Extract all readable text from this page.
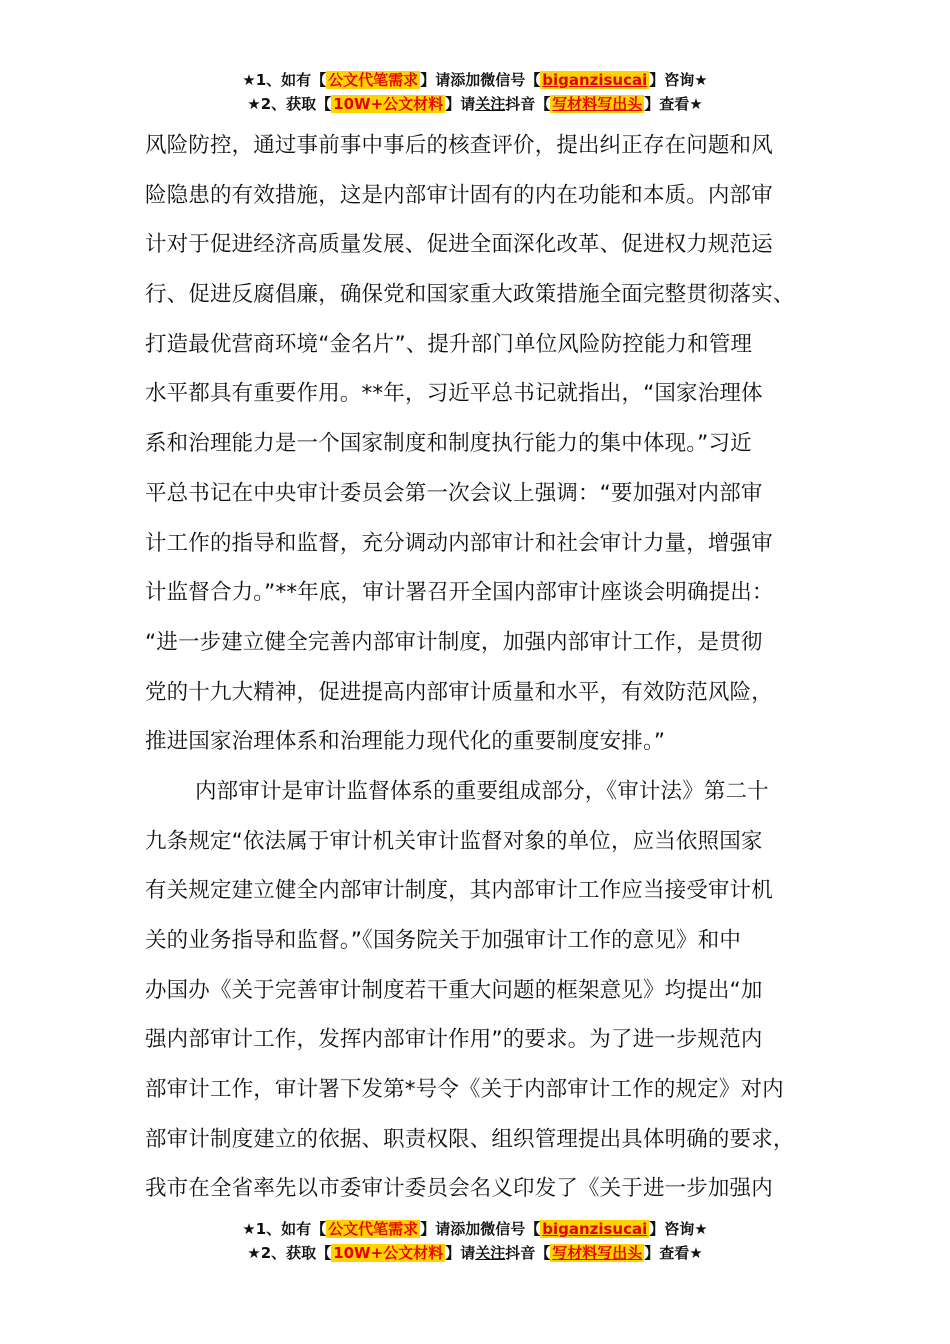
★1、如有【 公文代笔需求 】请添加微信号【 biganzisucai 】咨询★
★2、获取【 10W+公文材料 】请关注抖音【 写材料写出头 】查看★
风险防控，通过事前事中事后的核查评价，提出纠正存在问题和风
险隐患的有效措施，这是内部审计固有的内在功能和本质。内部审
计对于促进经济高质量发展、促进全面深化改革、促进权力规范运
行、促进反腐倡廉，确保党和国家重大政策措施全面完整贯彻落实、
打造最优营商环境“金名片”、提升部门单位风险防控能力和管理
水平都具有重要作用。**年，习近平总书记就指出，“国家治理体
系和治理能力是一个国家制度和制度执行能力的集中体现。”习近
平总书记在中央审计委员会第一次会议上强调：“要加强对内部审
计工作的指导和监督，充分调动内部审计和社会审计力量，增强审
计监督合力。”**年底，审计署召开全国内部审计座谈会明确提出：
“进一步建立健全完善内部审计制度，加强内部审计工作，是贯彻
党的十九大精神，促进提高内部审计质量和水平，有效防范风险，
推进国家治理体系和治理能力现代化的重要制度安排。”
内部审计是审计监督体系的重要组成部分，《审计法》第二十
九条规定“依法属于审计机关审计监督对象的单位，应当依照国家
有关规定建立健全内部审计制度，其内部审计工作应当接受审计机
关的业务指导和监督。”《国务院关于加强审计工作的意见》和中
办国办《关于完善审计制度若干重大问题的框架意见》均提出“加
强内部审计工作，发挥内部审计作用”的要求。为了进一步规范内
部审计工作，审计署下发第*号令《关于内部审计工作的规定》对内
部审计制度建立的依据、职责权限、组织管理提出具体明确的要求，
我市在全省率先以市委审计委员会名义印发了《关于进一步加强内
★1、如有【 公文代笔需求 】请添加微信号【 biganzisucai 】咨询★
★2、获取【 10W+公文材料 】请关注抖音【 写材料写出头 】查看★
